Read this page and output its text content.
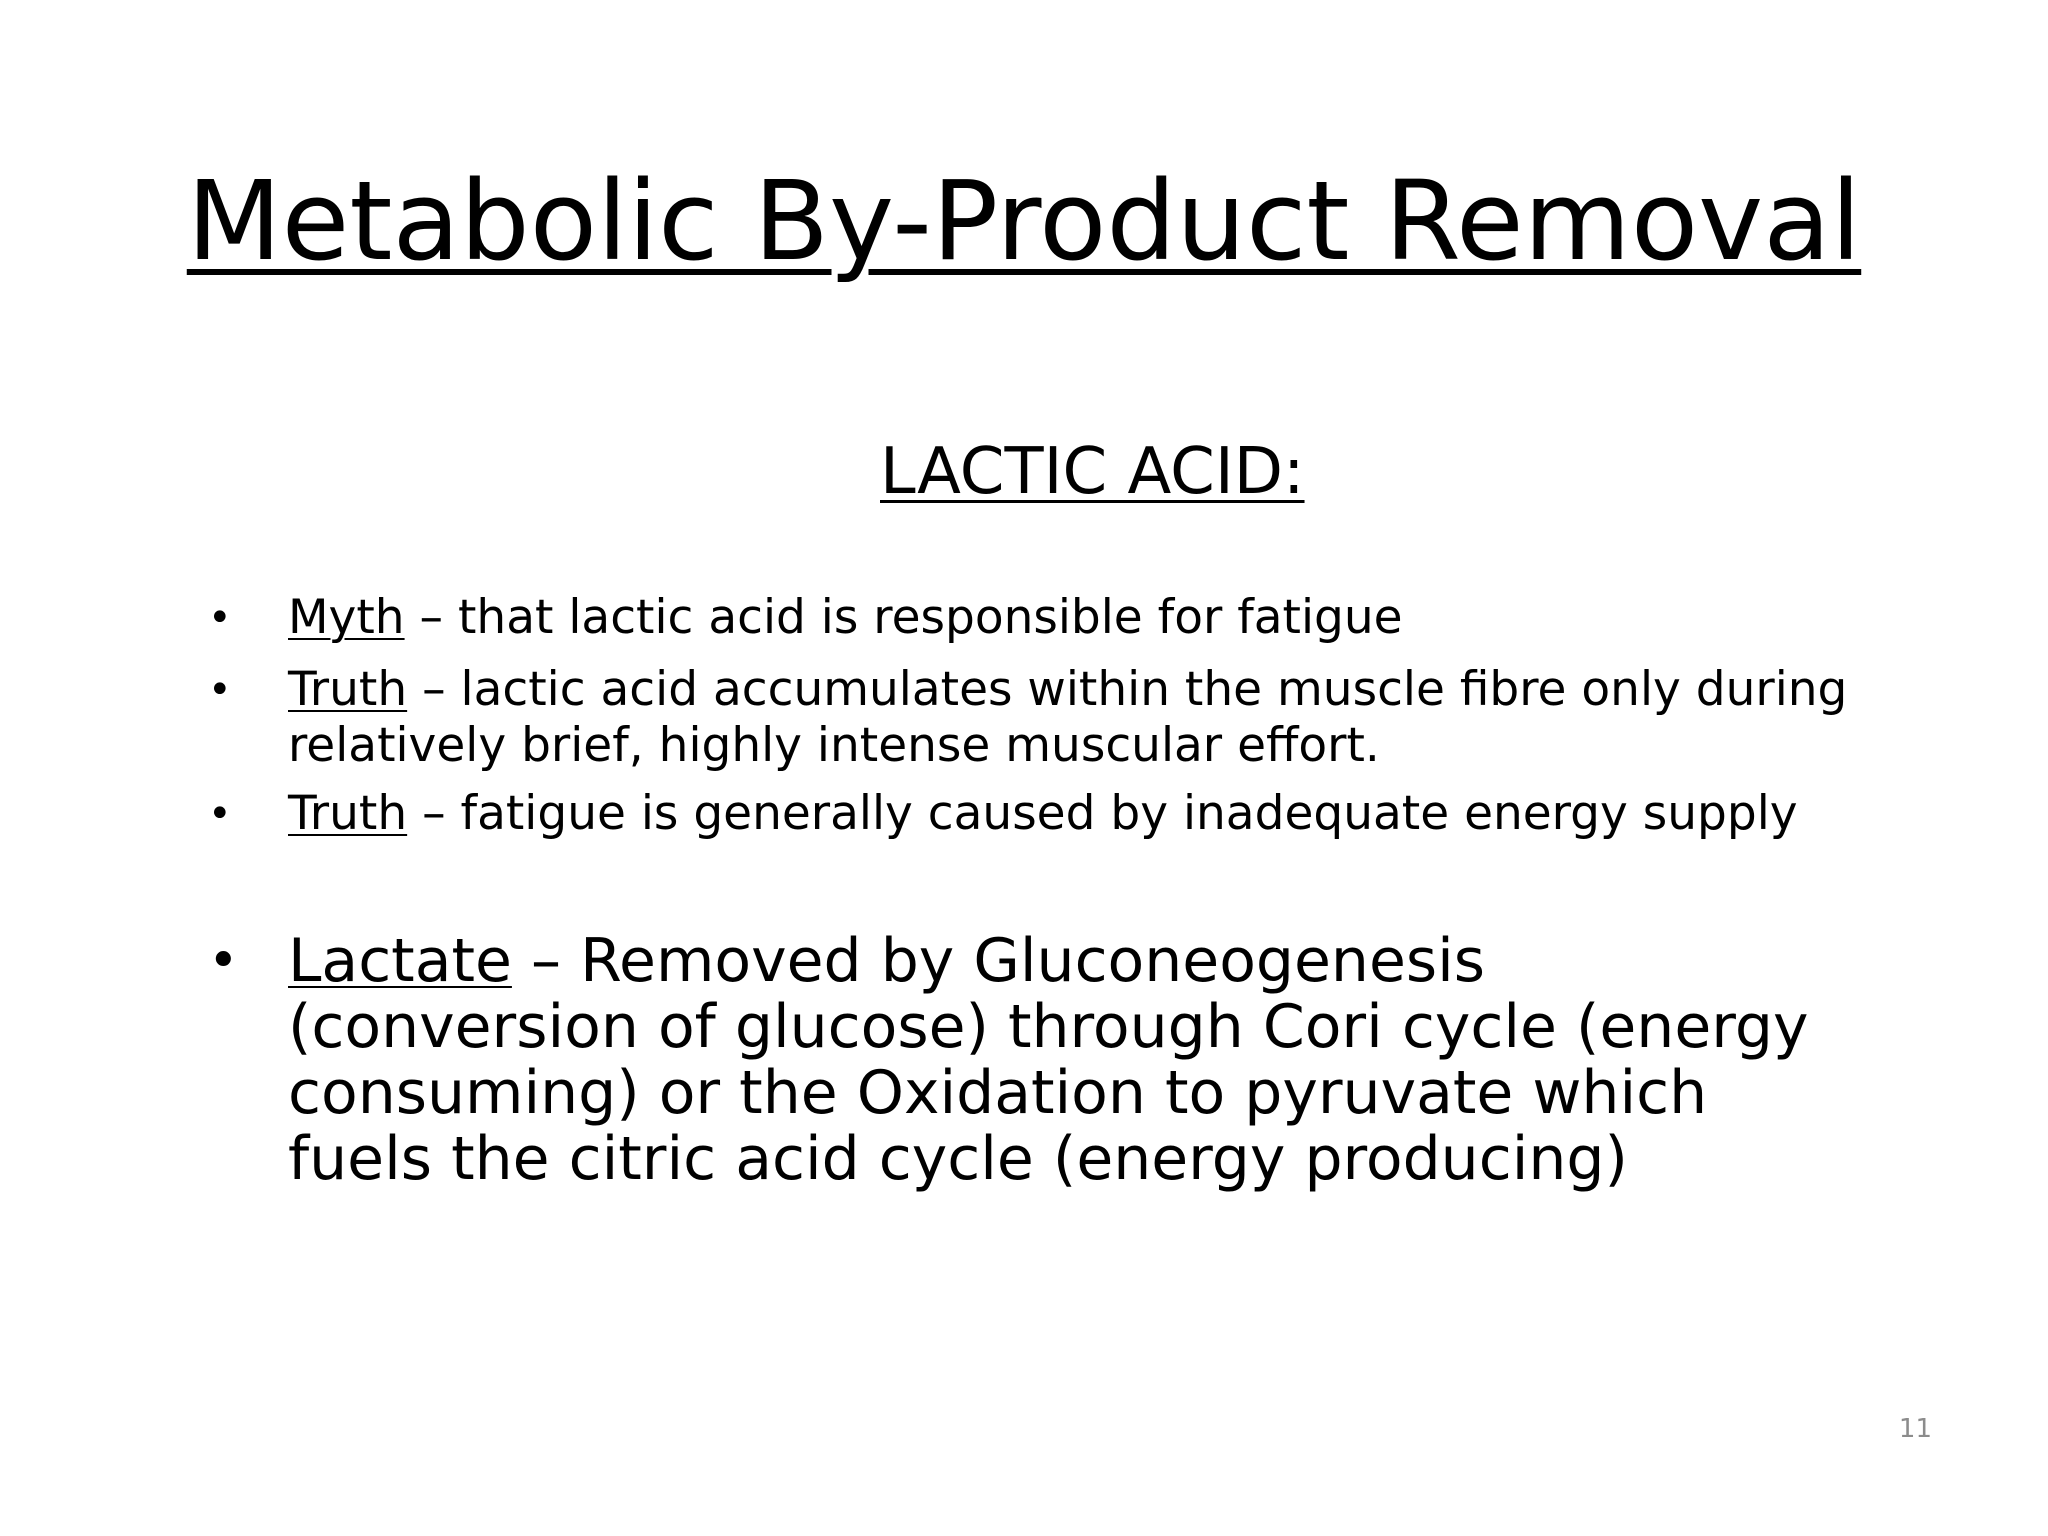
Metabolic By-Product Removal
LACTIC ACID:
• Myth – that lactic acid is responsible for fatigue
• Truth – lactic acid accumulates within the muscle fibre only during relatively brief, highly intense muscular effort.
• Truth – fatigue is generally caused by inadequate energy supply
• Lactate – Removed by Gluconeogenesis (conversion of glucose) through Cori cycle (energy consuming) or the Oxidation to pyruvate which fuels the citric acid cycle (energy producing)
11
